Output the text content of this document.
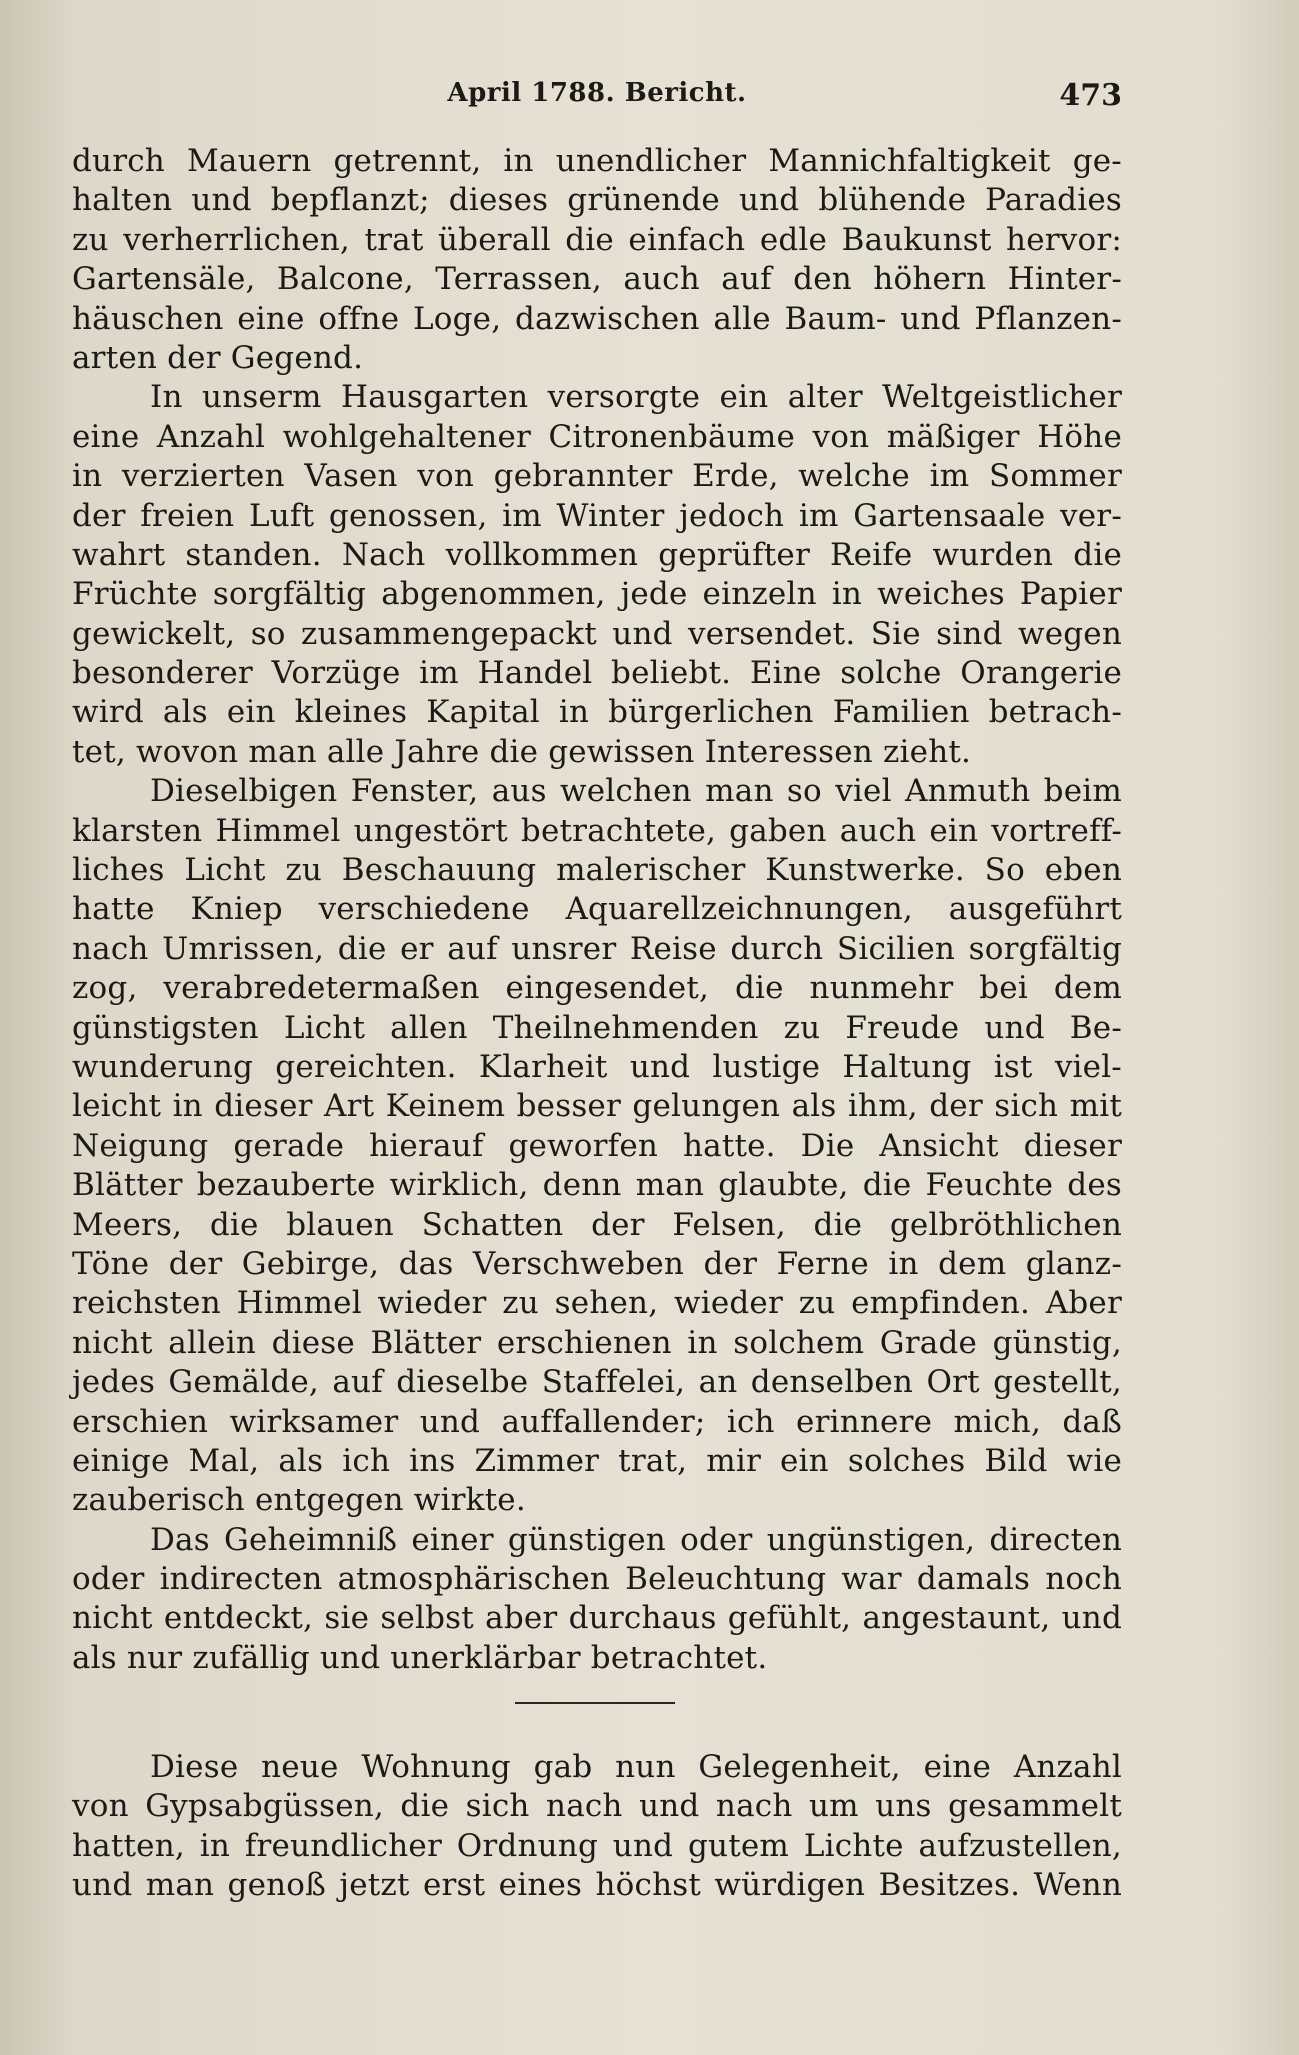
April 1788. Bericht.	473
durch Mauern getrennt, in unendlicher Mannichfaltigkeit ge-
halten und bepflanzt; dieses grünende und blühende Paradies
zu verherrlichen, trat überall die einfach edle Baukunst hervor:
Gartensäle, Balcone, Terrassen, auch auf den höhern Hinter-
häuschen eine offne Loge, dazwischen alle Baum- und Pflanzen-
arten der Gegend.
In unserm Hausgarten versorgte ein alter Weltgeistlicher
eine Anzahl wohlgehaltener Citronenbäume von mäßiger Höhe
in verzierten Vasen von gebrannter Erde, welche im Sommer
der freien Luft genossen, im Winter jedoch im Gartensaale ver-
wahrt standen. Nach vollkommen geprüfter Reife wurden die
Früchte sorgfältig abgenommen, jede einzeln in weiches Papier
gewickelt, so zusammengepackt und versendet. Sie sind wegen
besonderer Vorzüge im Handel beliebt. Eine solche Orangerie
wird als ein kleines Kapital in bürgerlichen Familien betrach-
tet, wovon man alle Jahre die gewissen Interessen zieht.
Dieselbigen Fenster, aus welchen man so viel Anmuth beim
klarsten Himmel ungestört betrachtete, gaben auch ein vortreff-
liches Licht zu Beschauung malerischer Kunstwerke. So eben
hatte Kniep verschiedene Aquarellzeichnungen, ausgeführt
nach Umrissen, die er auf unsrer Reise durch Sicilien sorgfältig
zog, verabredetermaßen eingesendet, die nunmehr bei dem
günstigsten Licht allen Theilnehmenden zu Freude und Be-
wunderung gereichten. Klarheit und lustige Haltung ist viel-
leicht in dieser Art Keinem besser gelungen als ihm, der sich mit
Neigung gerade hierauf geworfen hatte. Die Ansicht dieser
Blätter bezauberte wirklich, denn man glaubte, die Feuchte des
Meers, die blauen Schatten der Felsen, die gelbröthlichen
Töne der Gebirge, das Verschweben der Ferne in dem glanz-
reichsten Himmel wieder zu sehen, wieder zu empfinden. Aber
nicht allein diese Blätter erschienen in solchem Grade günstig,
jedes Gemälde, auf dieselbe Staffelei, an denselben Ort gestellt,
erschien wirksamer und auffallender; ich erinnere mich, daß
einige Mal, als ich ins Zimmer trat, mir ein solches Bild wie
zauberisch entgegen wirkte.
Das Geheimniß einer günstigen oder ungünstigen, directen
oder indirecten atmosphärischen Beleuchtung war damals noch
nicht entdeckt, sie selbst aber durchaus gefühlt, angestaunt, und
als nur zufällig und unerklärbar betrachtet.
Diese neue Wohnung gab nun Gelegenheit, eine Anzahl
von Gypsabgüssen, die sich nach und nach um uns gesammelt
hatten, in freundlicher Ordnung und gutem Lichte aufzustellen,
und man genoß jetzt erst eines höchst würdigen Besitzes. Wenn
